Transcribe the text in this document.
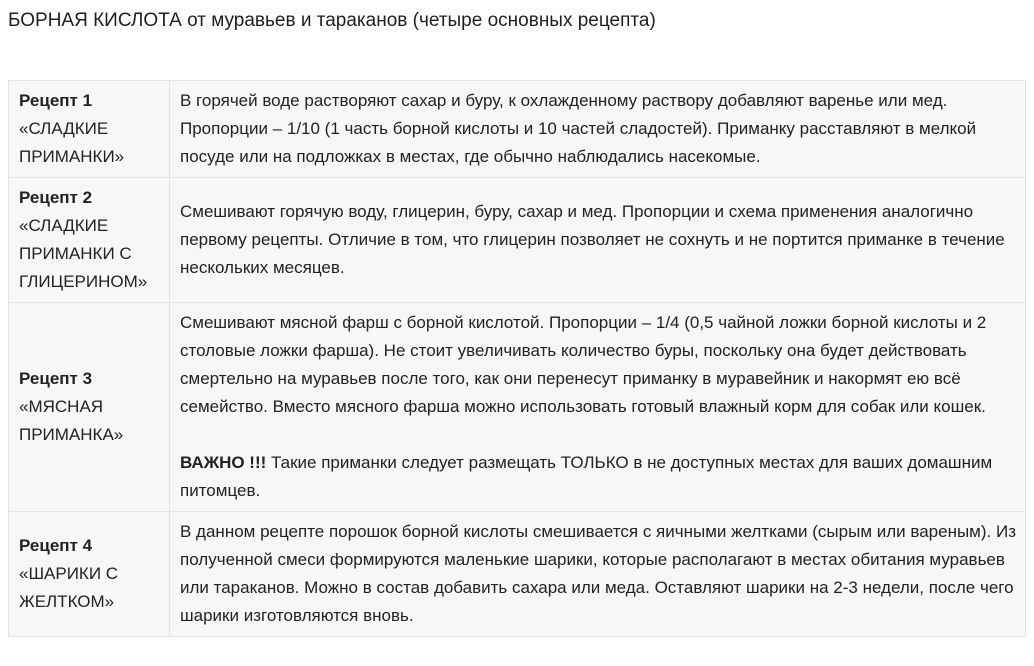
БОРНАЯ КИСЛОТА от муравьев и тараканов (четыре основных рецепта)
Рецепт 1
«СЛАДКИЕ ПРИМАНКИ»	В горячей воде растворяют сахар и буру, к охлажденному раствору добавляют варенье или мед. Пропорции – 1/10 (1 часть борной кислоты и 10 частей сладостей). Приманку расставляют в мелкой посуде или на подложках в местах, где обычно наблюдались насекомые.

Рецепт 2
«СЛАДКИЕ ПРИМАНКИ С ГЛИЦЕРИНОМ»	Смешивают горячую воду, глицерин, буру, сахар и мед. Пропорции и схема применения аналогично первому рецепты. Отличие в том, что глицерин позволяет не сохнуть и не портится приманке в течение нескольких месяцев.

Рецепт 3
«МЯСНАЯ ПРИМАНКА»	Смешивают мясной фарш с борной кислотой. Пропорции – 1/4 (0,5 чайной ложки борной кислоты и 2 столовые ложки фарша). Не стоит увеличивать количество буры, поскольку она будет действовать смертельно на муравьев после того, как они перенесут приманку в муравейник и накормят ею всё семейство. Вместо мясного фарша можно использовать готовый влажный корм для собак или кошек.
ВАЖНО !!! Такие приманки следует размещать ТОЛЬКО в не доступных местах для ваших домашним питомцев.

Рецепт 4
«ШАРИКИ С ЖЕЛТКОМ»	В данном рецепте порошок борной кислоты смешивается с яичными желтками (сырым или вареным). Из полученной смеси формируются маленькие шарики, которые располагают в местах обитания муравьев или тараканов. Можно в состав добавить сахара или меда. Оставляют шарики на 2-3 недели, после чего шарики изготовляются вновь.
